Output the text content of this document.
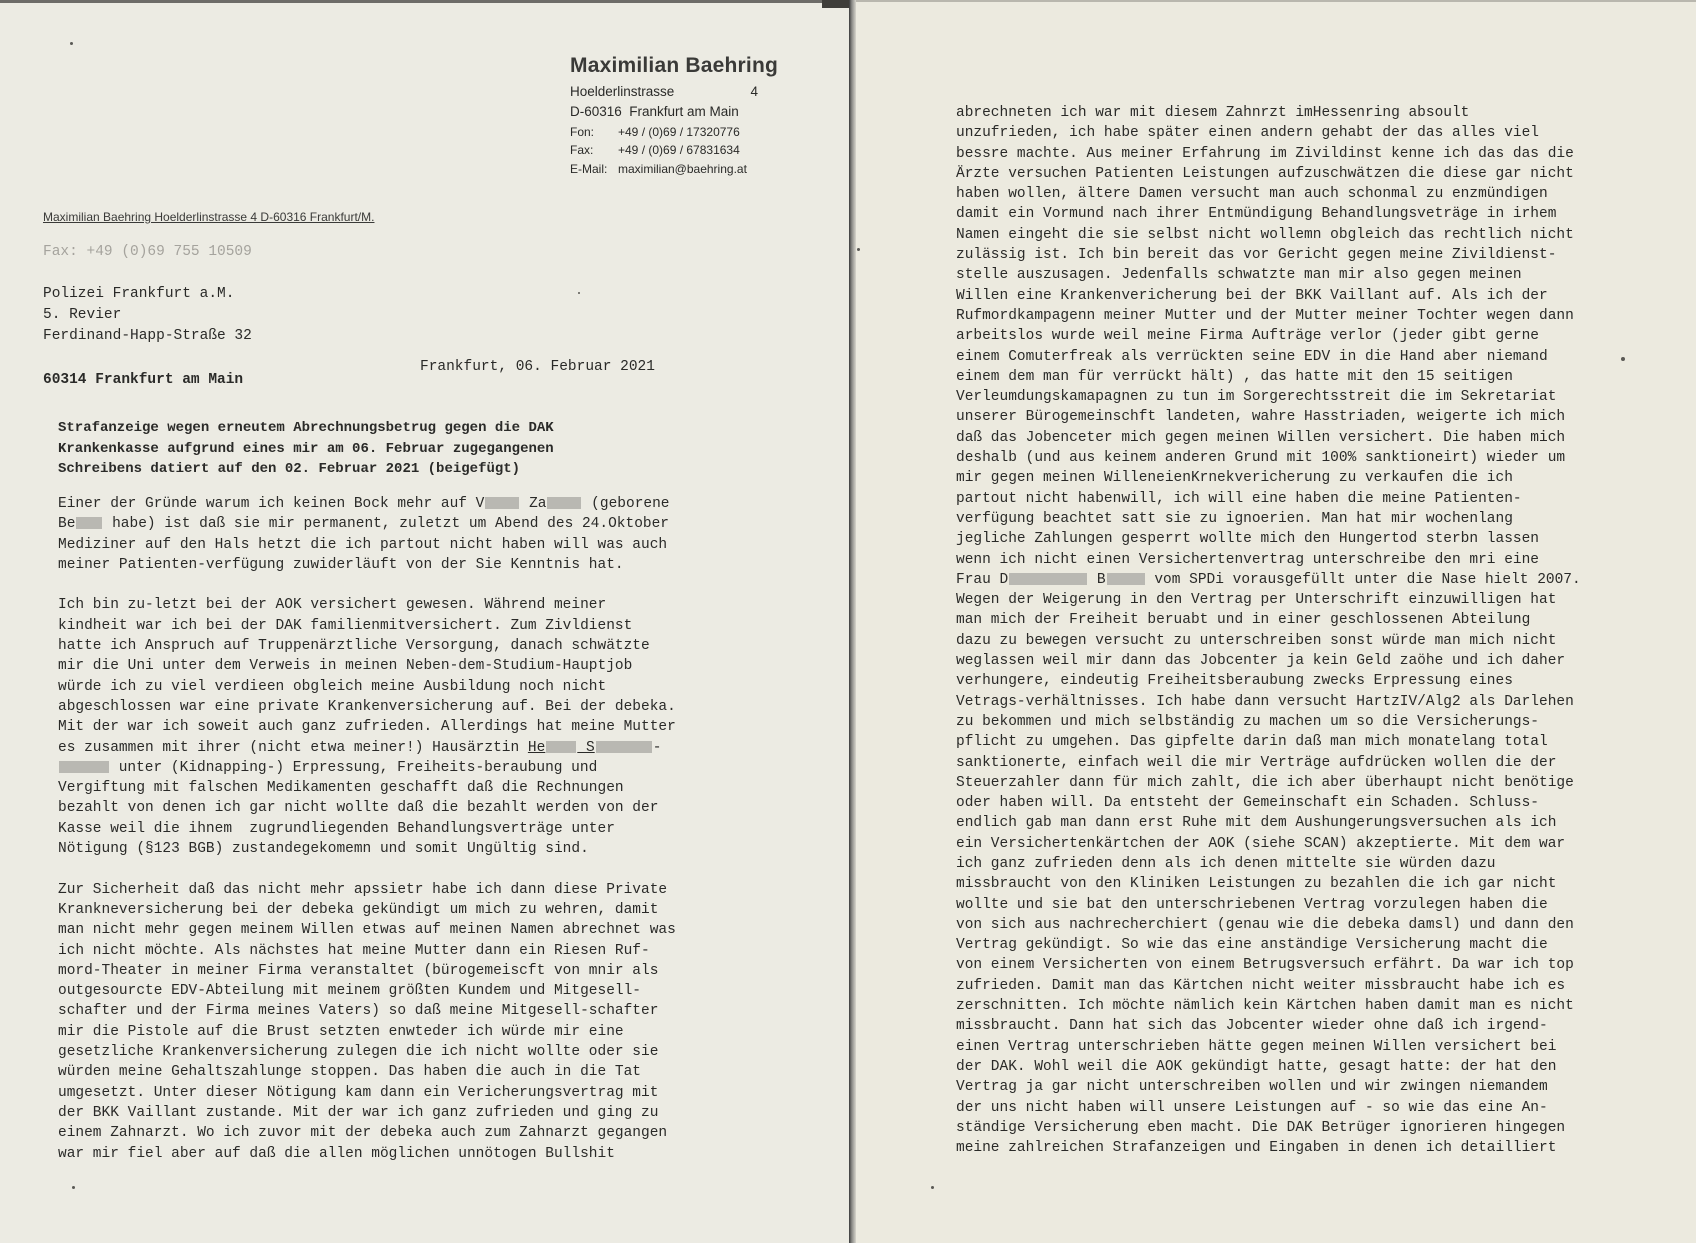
Maximilian Baehring
Hoelderlinstrasse	4
D-60316  Frankfurt am Main
Fon:	+49 / (0)69 / 17320776
Fax:	+49 / (0)69 / 67831634
E-Mail: maximilian@baehring.at
Maximilian Baehring Hoelderlinstrasse 4 D-60316 Frankfurt/M.
Fax: +49 (0)69 755 10509
Polizei Frankfurt a.M.
5. Revier
Ferdinand-Happ-Straße 32
Frankfurt, 06. Februar 2021
60314 Frankfurt am Main
Strafanzeige wegen erneutem Abrechnungsbetrug gegen die DAK
Krankenkasse aufgrund eines mir am 06. Februar zugegangenen
Schreibens datiert auf den 02. Februar 2021 (beigefügt)

Einer der Gründe warum ich keinen Bock mehr auf V Za (geborene
Be habe) ist daß sie mir permanent, zuletzt um Abend des 24.Oktober
Mediziner auf den Hals hetzt die ich partout nicht haben will was auch
meiner Patienten-verfügung zuwiderläuft von der Sie Kenntnis hat.

Ich bin zu-letzt bei der AOK versichert gewesen. Während meiner
kindheit war ich bei der DAK familienmitversichert. Zum Zivldienst
hatte ich Anspruch auf Truppenärztliche Versorgung, danach schwätzte
mir die Uni unter dem Verweis in meinen Neben-dem-Studium-Hauptjob
würde ich zu viel verdieen obgleich meine Ausbildung noch nicht
abgeschlossen war eine private Krankenversicherung auf. Bei der debeka.
Mit der war ich soweit auch ganz zufrieden. Allerdings hat meine Mutter
es zusammen mit ihrer (nicht etwa meiner!) Hausärztin He S	-
unter (Kidnapping-) Erpressung, Freiheits-beraubung und
Vergiftung mit falschen Medikamenten geschafft daß die Rechnungen
bezahlt von denen ich gar nicht wollte daß die bezahlt werden von der
Kasse weil die ihnem  zugrundliegenden Behandlungsverträge unter
Nötigung (§123 BGB) zustandegekomemn und somit Ungültig sind.

Zur Sicherheit daß das nicht mehr apssietr habe ich dann diese Private
Krankneversicherung bei der debeka gekündigt um mich zu wehren, damit
man nicht mehr gegen meinem Willen etwas auf meinen Namen abrechnet was
ich nicht möchte. Als nächstes hat meine Mutter dann ein Riesen Ruf-
mord-Theater in meiner Firma veranstaltet (bürogemeiscft von mnir als
outgesourcte EDV-Abteilung mit meinem größten Kundem und Mitgesell-
schafter und der Firma meines Vaters) so daß meine Mitgesell-schafter
mir die Pistole auf die Brust setzten enwteder ich würde mir eine
gesetzliche Krankenversicherung zulegen die ich nicht wollte oder sie
würden meine Gehaltszahlunge stoppen. Das haben die auch in die Tat
umgesetzt. Unter dieser Nötigung kam dann ein Vericherungsvertrag mit
der BKK Vaillant zustande. Mit der war ich ganz zufrieden und ging zu
einem Zahnarzt. Wo ich zuvor mit der debeka auch zum Zahnarzt gegangen
war mir fiel aber auf daß die allen möglichen unnötogen Bullshit

abrechneten ich war mit diesem Zahnrzt imHessenring absoult
unzufrieden, ich habe später einen andern gehabt der das alles viel
bessre machte. Aus meiner Erfahrung im Zivildinst kenne ich das das die
Ärzte versuchen Patienten Leistungen aufzuschwätzen die diese gar nicht
haben wollen, ältere Damen versucht man auch schonmal zu enzmündigen
damit ein Vormund nach ihrer Entmündigung Behandlungsveträge in irhem
Namen eingeht die sie selbst nicht wollemn obgleich das rechtlich nicht
zulässig ist. Ich bin bereit das vor Gericht gegen meine Zivildienst-
stelle auszusagen. Jedenfalls schwatzte man mir also gegen meinen
Willen eine Krankenvericherung bei der BKK Vaillant auf. Als ich der
Rufmordkampagenn meiner Mutter und der Mutter meiner Tochter wegen dann
arbeitslos wurde weil meine Firma Aufträge verlor (jeder gibt gerne
einem Comuterfreak als verrückten seine EDV in die Hand aber niemand
einem dem man für verrückt hält) , das hatte mit den 15 seitigen
Verleumdungskamapagnen zu tun im Sorgerechtsstreit die im Sekretariat
unserer Bürogemeinschft landeten, wahre Hasstriaden, weigerte ich mich
daß das Jobenceter mich gegen meinen Willen versichert. Die haben mich
deshalb (und aus keinem anderen Grund mit 100% sanktioneirt) wieder um
mir gegen meinen WilleneienKrnekvericherung zu verkaufen die ich
partout nicht habenwill, ich will eine haben die meine Patienten-
verfügung beachtet satt sie zu ignoerien. Man hat mir wochenlang
jegliche Zahlungen gesperrt wollte mich den Hungertod sterbn lassen
wenn ich nicht einen Versichertenvertrag unterschreibe den mri eine
Frau D	B	vom SPDi vorausgefüllt unter die Nase hielt 2007.
Wegen der Weigerung in den Vertrag per Unterschrift einzuwilligen hat
man mich der Freiheit beruabt und in einer geschlossenen Abteilung
dazu zu bewegen versucht zu unterschreiben sonst würde man mich nicht
weglassen weil mir dann das Jobcenter ja kein Geld zaöhe und ich daher
verhungere, eindeutig Freiheitsberaubung zwecks Erpressung eines
Vetrags-verhältnisses. Ich habe dann versucht HartzIV/Alg2 als Darlehen
zu bekommen und mich selbständig zu machen um so die Versicherungs-
pflicht zu umgehen. Das gipfelte darin daß man mich monatelang total
sanktionerte, einfach weil die mir Verträge aufdrücken wollen die der
Steuerzahler dann für mich zahlt, die ich aber überhaupt nicht benötige
oder haben will. Da entsteht der Gemeinschaft ein Schaden. Schluss-
endlich gab man dann erst Ruhe mit dem Aushungerungsversuchen als ich
ein Versichertenkärtchen der AOK (siehe SCAN) akzeptierte. Mit dem war
ich ganz zufrieden denn als ich denen mittelte sie würden dazu
missbraucht von den Kliniken Leistungen zu bezahlen die ich gar nicht
wollte und sie bat den unterschriebenen Vertrag vorzulegen haben die
von sich aus nachrecherchiert (genau wie die debeka damsl) und dann den
Vertrag gekündigt. So wie das eine anständige Versicherung macht die
von einem Versicherten von einem Betrugsversuch erfährt. Da war ich top
zufrieden. Damit man das Kärtchen nicht weiter missbraucht habe ich es
zerschnitten. Ich möchte nämlich kein Kärtchen haben damit man es nicht
missbraucht. Dann hat sich das Jobcenter wieder ohne daß ich irgend-
einen Vertrag unterschrieben hätte gegen meinen Willen versichert bei
der DAK. Wohl weil die AOK gekündigt hatte, gesagt hatte: der hat den
Vertrag ja gar nicht unterschreiben wollen und wir zwingen niemandem
der uns nicht haben will unsere Leistungen auf - so wie das eine An-
ständige Versicherung eben macht. Die DAK Betrüger ignorieren hingegen
meine zahlreichen Strafanzeigen und Eingaben in denen ich detailliert
